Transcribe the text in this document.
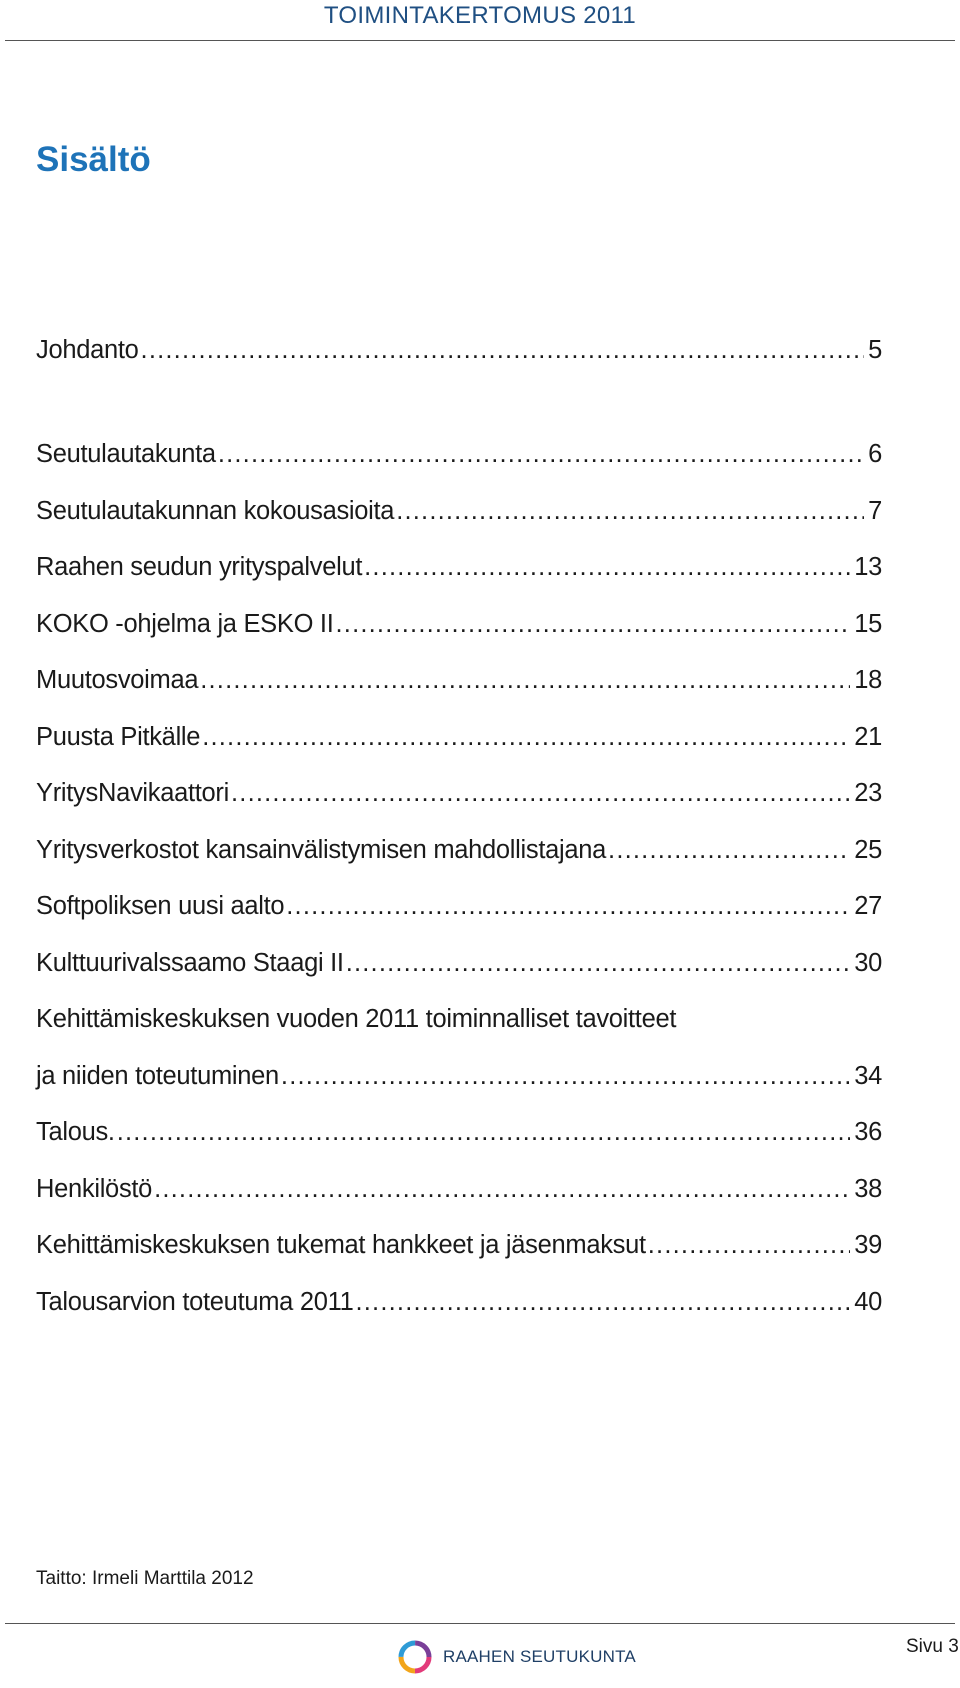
TOIMINTAKERTOMUS 2011
Sisältö
Johdanto .....	5
Seutulautakunta .....	6
Seutulautakunnan kokousasioita .....	7
Raahen seudun yrityspalvelut .....	13
KOKO -ohjelma ja ESKO II .....	15
Muutosvoimaa .....	18
Puusta Pitkälle .....	21
YritysNavikaattori .....	23
Yritysverkostot kansainvälistymisen mahdollistajana .....	25
Softpoliksen uusi aalto .....	27
Kulttuurivalssaamo Staagi II .....	30
Kehittämiskeskuksen vuoden 2011 toiminnalliset tavoitteet
ja niiden toteutuminen .....	34
Talous. .....	36
Henkilöstö .....	38
Kehittämiskeskuksen tukemat hankkeet ja jäsenmaksut .....	39
Talousarvion toteutuma 2011 .....	40
Taitto: Irmeli Marttila 2012
RAAHEN SEUTUKUNTA	Sivu 3
